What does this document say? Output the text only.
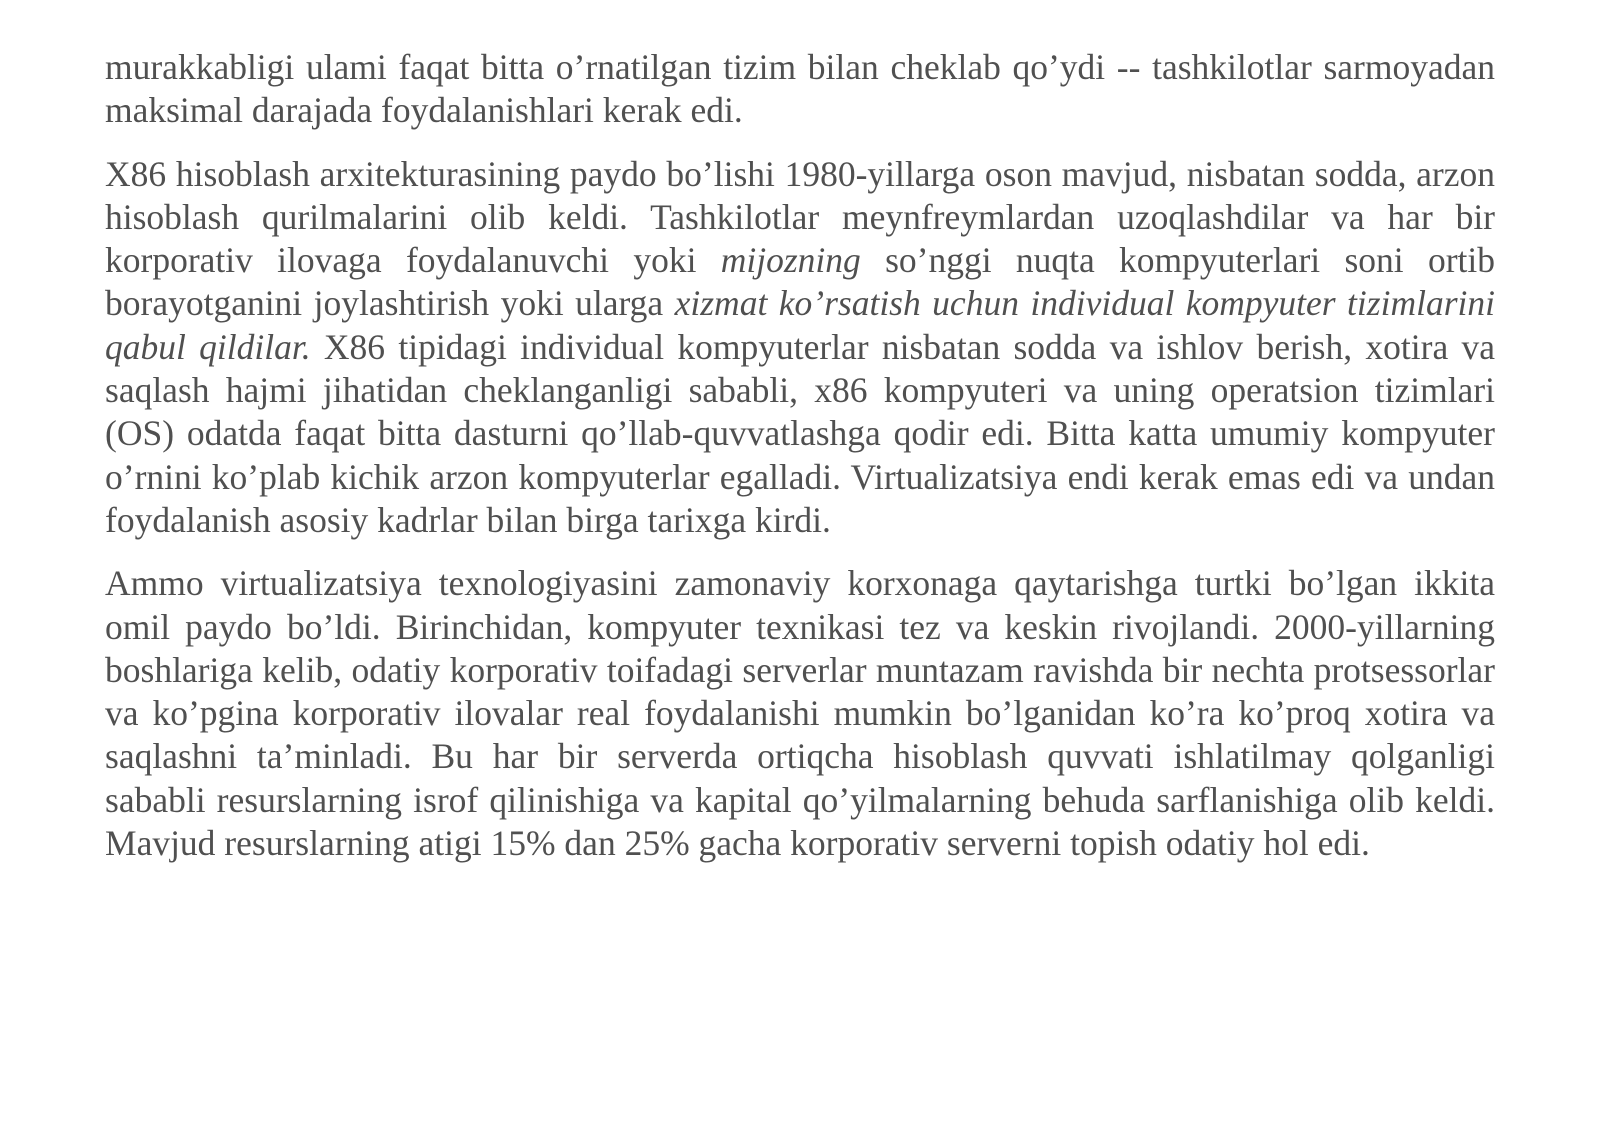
murakkabligi ulami faqat bitta o’rnatilgan tizim bilan cheklab qo’ydi -- tashkilotlar sarmoyadan maksimal darajada foydalanishlari kerak edi.

X86 hisoblash arxitekturasining paydo bo’lishi 1980-yillarga oson mavjud, nisbatan sodda, arzon hisoblash qurilmalarini olib keldi. Tashkilotlar meynfreymlardan uzoqlashdilar va har bir korporativ ilovaga foydalanuvchi yoki mijozning so’nggi nuqta kompyuterlari soni ortib borayotganini joylashtirish yoki ularga xizmat ko’rsatish uchun individual kompyuter tizimlarini qabul qildilar. X86 tipidagi individual kompyuterlar nisbatan sodda va ishlov berish, xotira va saqlash hajmi jihatidan cheklanganligi sababli, x86 kompyuteri va uning operatsion tizimlari (OS) odatda faqat bitta dasturni qo’llab-quvvatlashga qodir edi. Bitta katta umumiy kompyuter o’rnini ko’plab kichik arzon kompyuterlar egalladi. Virtualizatsiya endi kerak emas edi va undan foydalanish asosiy kadrlar bilan birga tarixga kirdi.

Ammo virtualizatsiya texnologiyasini zamonaviy korxonaga qaytarishga turtki bo’lgan ikkita omil paydo bo’ldi. Birinchidan, kompyuter texnikasi tez va keskin rivojlandi. 2000-yillarning boshlariga kelib, odatiy korporativ toifadagi serverlar muntazam ravishda bir nechta protsessorlar va ko’pgina korporativ ilovalar real foydalanishi mumkin bo’lganidan ko’ra ko’proq xotira va saqlashni ta’minladi. Bu har bir serverda ortiqcha hisoblash quvvati ishlatilmay qolganligi sababli resurslarning isrof qilinishiga va kapital qo’yilmalarning behuda sarflanishiga olib keldi. Mavjud resurslarning atigi 15% dan 25% gacha korporativ serverni topish odatiy hol edi.
